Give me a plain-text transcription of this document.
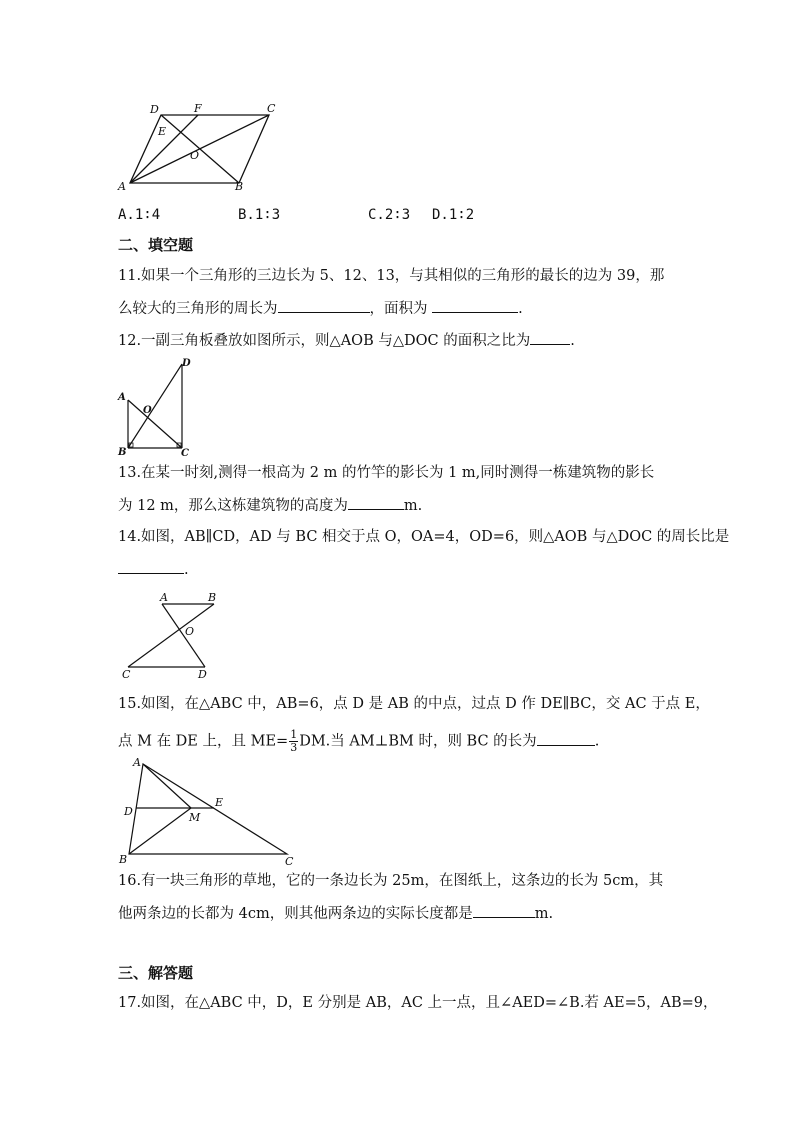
A	B
C
D	F
E
O
A.1∶4	B.1∶3	C.2∶3 D.1∶2
二、填空题
11.如果一个三角形的三边长为 5、12、13，与其相似的三角形的最长的边为 39，那
么较大的三角形的周长为	，面积为	.
12.一副三角板叠放如图所示，则△AOB 与△DOC 的面积之比为	.
A
B	C
D
O
13.在某一时刻,测得一根高为 2 m 的竹竿的影长为 1 m,同时测得一栋建筑物的影长
为 12 m，那么这栋建筑物的高度为	m.
14.如图，AB∥CD，AD 与 BC 相交于点 O，OA=4，OD=6，则△AOB 与△DOC 的周长比是
.
A	B
C	D
O
15.如图，在△ABC 中，AB=6，点 D 是 AB 的中点，过点 D 作 DE∥BC，交 AC 于点 E，
点 M 在 DE 上，且 $ME= \frac{1}{3}$ DM.当 AM⊥BM 时，则 BC 的长为	.
A
B	C
D
E
M
16.有一块三角形的草地，它的一条边长为 25m，在图纸上，这条边的长为 5cm，其
他两条边的长都为 4cm，则其他两条边的实际长度都是	m.
三、解答题
17.如图，在△ABC 中，D，E 分别是 AB，AC 上一点，且∠AED=∠B.若 AE=5，AB=9，
